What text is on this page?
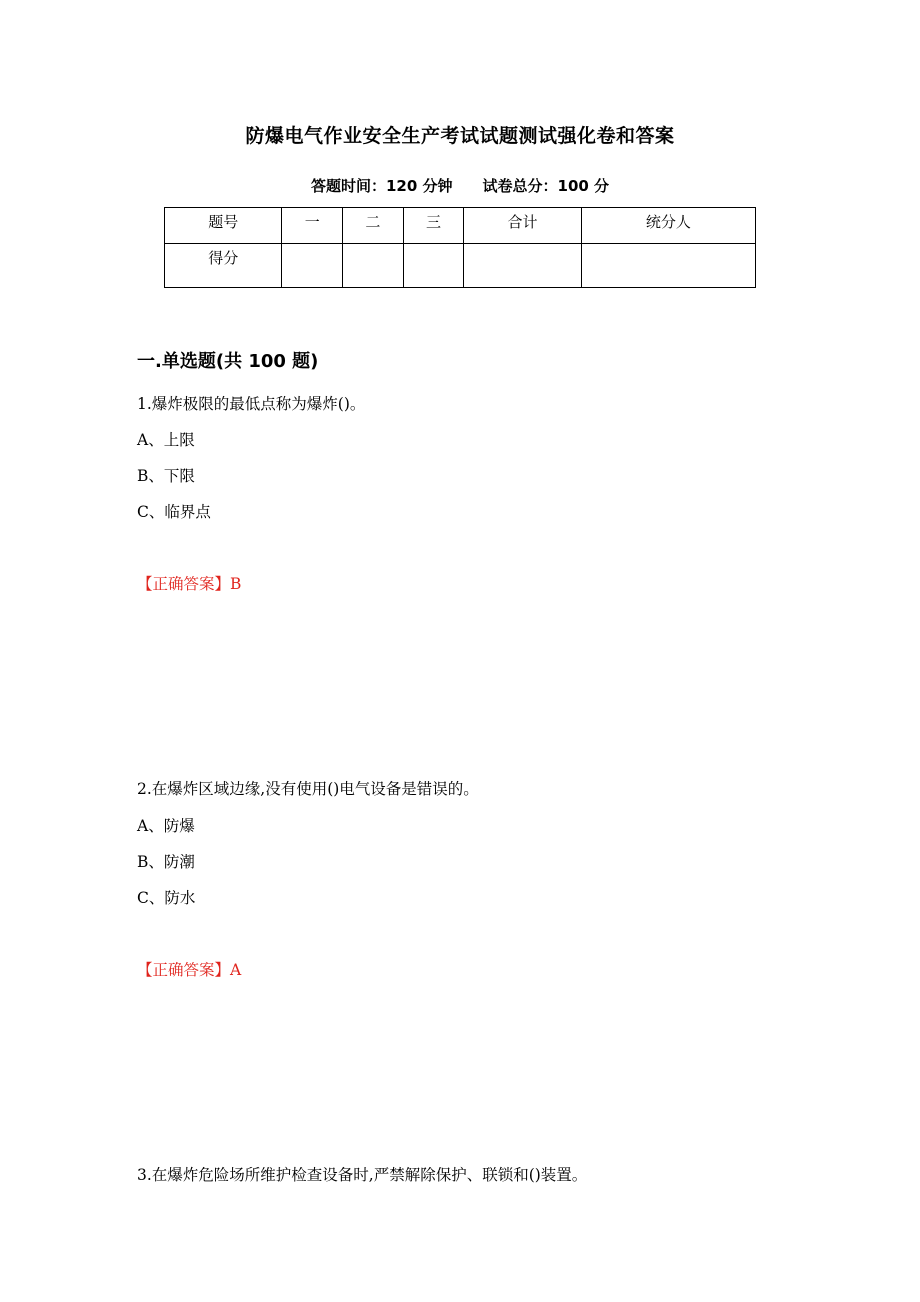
防爆电气作业安全生产考试试题测试强化卷和答案
答题时间：120 分钟 试卷总分：100 分
题号	一	二	三	合计	统分人
得分					
一.单选题(共 100 题)
1.爆炸极限的最低点称为爆炸()。
A、上限
B、下限
C、临界点
【正确答案】B
2.在爆炸区域边缘,没有使用()电气设备是错误的。
A、防爆
B、防潮
C、防水
【正确答案】A
3.在爆炸危险场所维护检查设备时,严禁解除保护、联锁和()装置。
